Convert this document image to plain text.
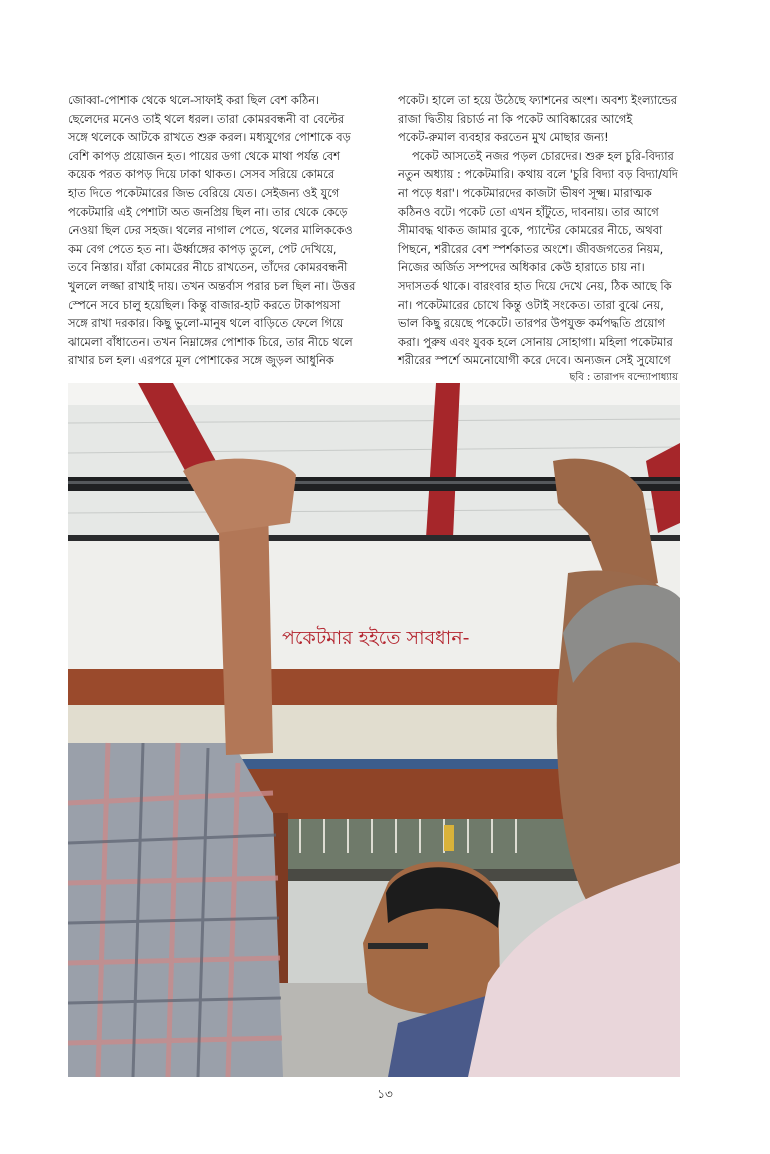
জোব্বা-পোশাক থেকে থলে-সাফাই করা ছিল বেশ কঠিন।
ছেলেদের মনেও তাই থলে ধরল। তারা কোমরবন্ধনী বা বেল্টের
সঙ্গে থলেকে আটকে রাখতে শুরু করল। মধ্যযুগের পোশাকে বড়
বেশি কাপড় প্রয়োজন হত। পায়ের ডগা থেকে মাথা পর্যন্ত বেশ
কয়েক পরত কাপড় দিয়ে ঢাকা থাকত। সেসব সরিয়ে কোমরে
হাত দিতে পকেটমারের জিভ বেরিয়ে যেত। সেইজন্য ওই যুগে
পকেটমারি এই পেশাটা অত জনপ্রিয় ছিল না। তার থেকে কেড়ে
নেওয়া ছিল ঢের সহজ। থলের নাগাল পেতে, থলের মালিককেও
কম বেগ পেতে হত না। ঊর্ধ্বাঙ্গের কাপড় তুলে, পেট দেখিয়ে,
তবে নিস্তার। যাঁরা কোমরের নীচে রাখতেন, তাঁদের কোমরবন্ধনী
খুললে লজ্জা রাখাই দায়। তখন অন্তর্বাস পরার চল ছিল না। উত্তর
স্পেনে সবে চালু হয়েছিল। কিন্তু বাজার-হাট করতে টাকাপয়সা
সঙ্গে রাখা দরকার। কিছু ভুলো-মানুষ থলে বাড়িতে ফেলে গিয়ে
ঝামেলা বাঁধাতেন। তখন নিম্নাঙ্গের পোশাক চিরে, তার নীচে থলে
রাখার চল হল। এরপরে মূল পোশাকের সঙ্গে জুড়ল আধুনিক

পকেট। হালে তা হয়ে উঠেছে ফ্যাশনের অংশ। অবশ্য ইংল্যান্ডের
রাজা দ্বিতীয় রিচার্ড না কি পকেট আবিষ্কারের আগেই
পকেট-রুমাল ব্যবহার করতেন মুখ মোছার জন্য!

পকেট আসতেই নজর পড়ল চোরদের। শুরু হল চুরি-বিদ্যার
নতুন অধ্যায় : পকেটমারি। কথায় বলে 'চুরি বিদ্যা বড় বিদ্যা/যদি
না পড়ে ধরা'। পকেটমারদের কাজটা ভীষণ সূক্ষ্ম। মারাত্মক
কঠিনও বটে। পকেট তো এখন হাঁটুতে, দাবনায়। তার আগে
সীমাবদ্ধ থাকত জামার বুকে, প্যান্টের কোমরের নীচে, অথবা
পিছনে, শরীরের বেশ স্পর্শকাতর অংশে। জীবজগতের নিয়ম,
নিজের অর্জিত সম্পদের অধিকার কেউ হারাতে চায় না।
সদাসতর্ক থাকে। বারংবার হাত দিয়ে দেখে নেয়, ঠিক আছে কি
না। পকেটমারের চোখে কিন্তু ওটাই সংকেত। তারা বুঝে নেয়,
ভাল কিছু রয়েছে পকেটে। তারপর উপযুক্ত কর্মপদ্ধতি প্রয়োগ
করা। পুরুষ এবং যুবক হলে সোনায় সোহাগা। মহিলা পকেটমার
শরীরের স্পর্শে অমনোযোগী করে দেবে। অন্যজন সেই সুযোগে

ছবি : তারাপদ বন্দ্যোপাধ্যায়
পকেটমার হইতে সাবধান-
১৩
